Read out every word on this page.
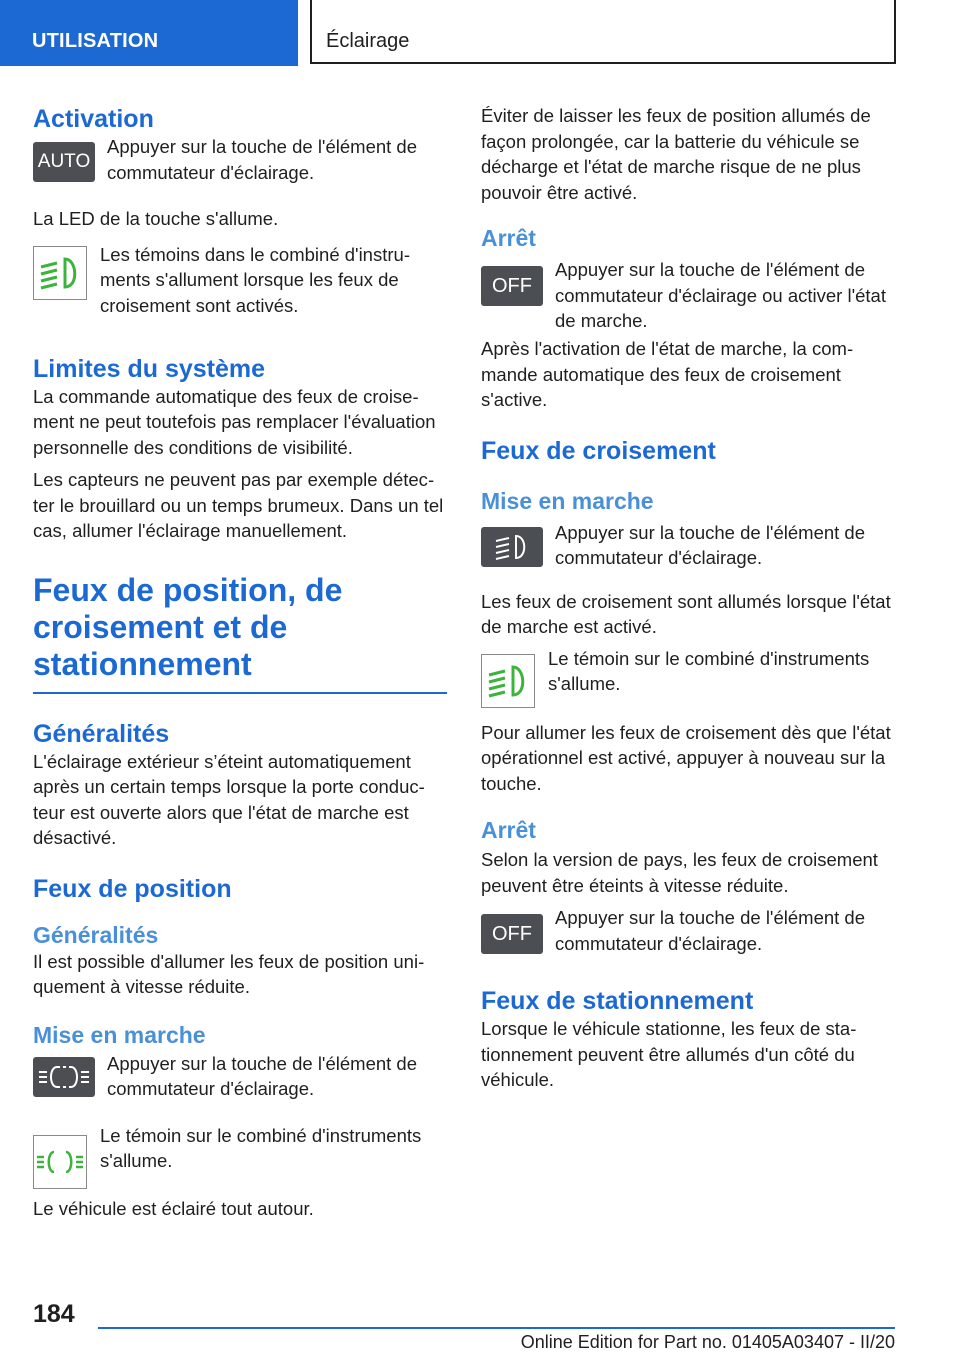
UTILISATION	Éclairage
Activation
AUTO
Appuyer sur la touche de l'élément de commutateur d'éclairage.

La LED de la touche s'allume.

Les témoins dans le combiné d'instruments s'allument lorsque les feux de croisement sont activés.
Limites du système

La commande automatique des feux de croisement ne peut toutefois pas remplacer l'évaluation personnelle des conditions de visibilité.

Les capteurs ne peuvent pas par exemple détecter le brouillard ou un temps brumeux. Dans un tel cas, allumer l'éclairage manuellement.

Feux de position, de croisement et de stationnement
Généralités

L'éclairage extérieur s’éteint automatiquement après un certain temps lorsque la porte conducteur est ouverte alors que l'état de marche est désactivé.

Feux de position
Généralités

Il est possible d'allumer les feux de position uniquement à vitesse réduite.

Mise en marche
Appuyer sur la touche de l'élément de commutateur d'éclairage.
Le témoin sur le combiné d'instruments s'allume.

Le véhicule est éclairé tout autour.

Éviter de laisser les feux de position allumés de façon prolongée, car la batterie du véhicule se décharge et l'état de marche risque de ne plus pouvoir être activé.

Arrêt
OFF
Appuyer sur la touche de l'élément de commutateur d'éclairage ou activer l'état de marche.

Après l'activation de l'état de marche, la commande automatique des feux de croisement s'active.

Feux de croisement
Mise en marche
Appuyer sur la touche de l'élément de commutateur d'éclairage.

Les feux de croisement sont allumés lorsque l'état de marche est activé.

Le témoin sur le combiné d'instruments s'allume.

Pour allumer les feux de croisement dès que l'état opérationnel est activé, appuyer à nouveau sur la touche.

Arrêt

Selon la version de pays, les feux de croisement peuvent être éteints à vitesse réduite.

OFF
Appuyer sur la touche de l'élément de commutateur d'éclairage.
Feux de stationnement

Lorsque le véhicule stationne, les feux de stationnement peuvent être allumés d'un côté du véhicule.

184
Online Edition for Part no. 01405A03407 - II/20
